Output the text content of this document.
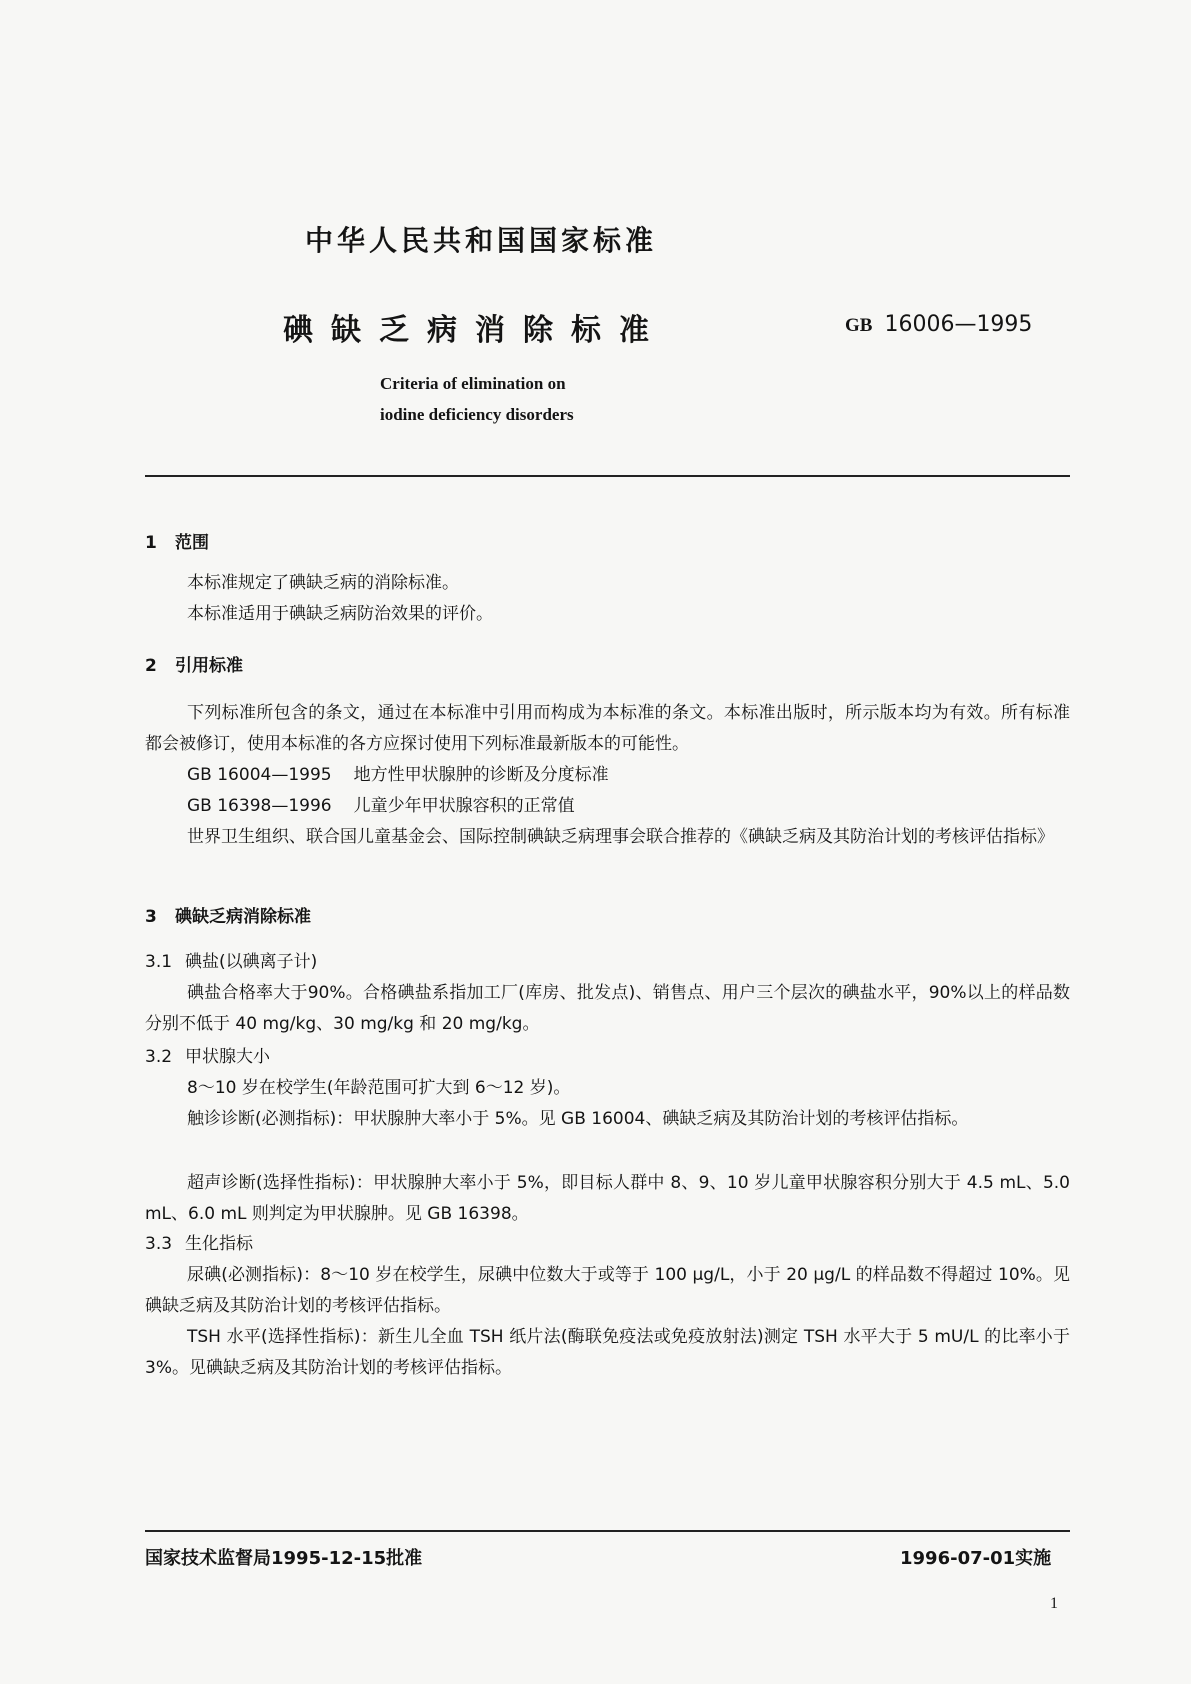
中华人民共和国国家标准
碘缺乏病消除标准	GB 16006—1995
Criteria of elimination on
iodine deficiency disorders
1 范围
本标准规定了碘缺乏病的消除标准。
本标准适用于碘缺乏病防治效果的评价。
2 引用标准
下列标准所包含的条文，通过在本标准中引用而构成为本标准的条文。本标准出版时，所示版本均为有效。所有标准都会被修订，使用本标准的各方应探讨使用下列标准最新版本的可能性。
GB 16004—1995 地方性甲状腺肿的诊断及分度标准
GB 16398—1996 儿童少年甲状腺容积的正常值
世界卫生组织、联合国儿童基金会、国际控制碘缺乏病理事会联合推荐的《碘缺乏病及其防治计划的考核评估指标》
3 碘缺乏病消除标准
3.1 碘盐(以碘离子计)
碘盐合格率大于90%。合格碘盐系指加工厂(库房、批发点)、销售点、用户三个层次的碘盐水平，90%以上的样品数分别不低于 40 mg/kg、30 mg/kg 和 20 mg/kg。
3.2 甲状腺大小
8～10 岁在校学生(年龄范围可扩大到 6～12 岁)。
触诊诊断(必测指标)：甲状腺肿大率小于 5%。见 GB 16004、碘缺乏病及其防治计划的考核评估指标。
超声诊断(选择性指标)：甲状腺肿大率小于 5%，即目标人群中 8、9、10 岁儿童甲状腺容积分别大于 4.5 mL、5.0 mL、6.0 mL 则判定为甲状腺肿。见 GB 16398。
3.3 生化指标
尿碘(必测指标)：8～10 岁在校学生，尿碘中位数大于或等于 100 μg/L，小于 20 μg/L 的样品数不得超过 10%。见碘缺乏病及其防治计划的考核评估指标。
TSH 水平(选择性指标)：新生儿全血 TSH 纸片法(酶联免疫法或免疫放射法)测定 TSH 水平大于 5 mU/L 的比率小于 3%。见碘缺乏病及其防治计划的考核评估指标。
国家技术监督局1995-12-15批准	1996-07-01实施
1
